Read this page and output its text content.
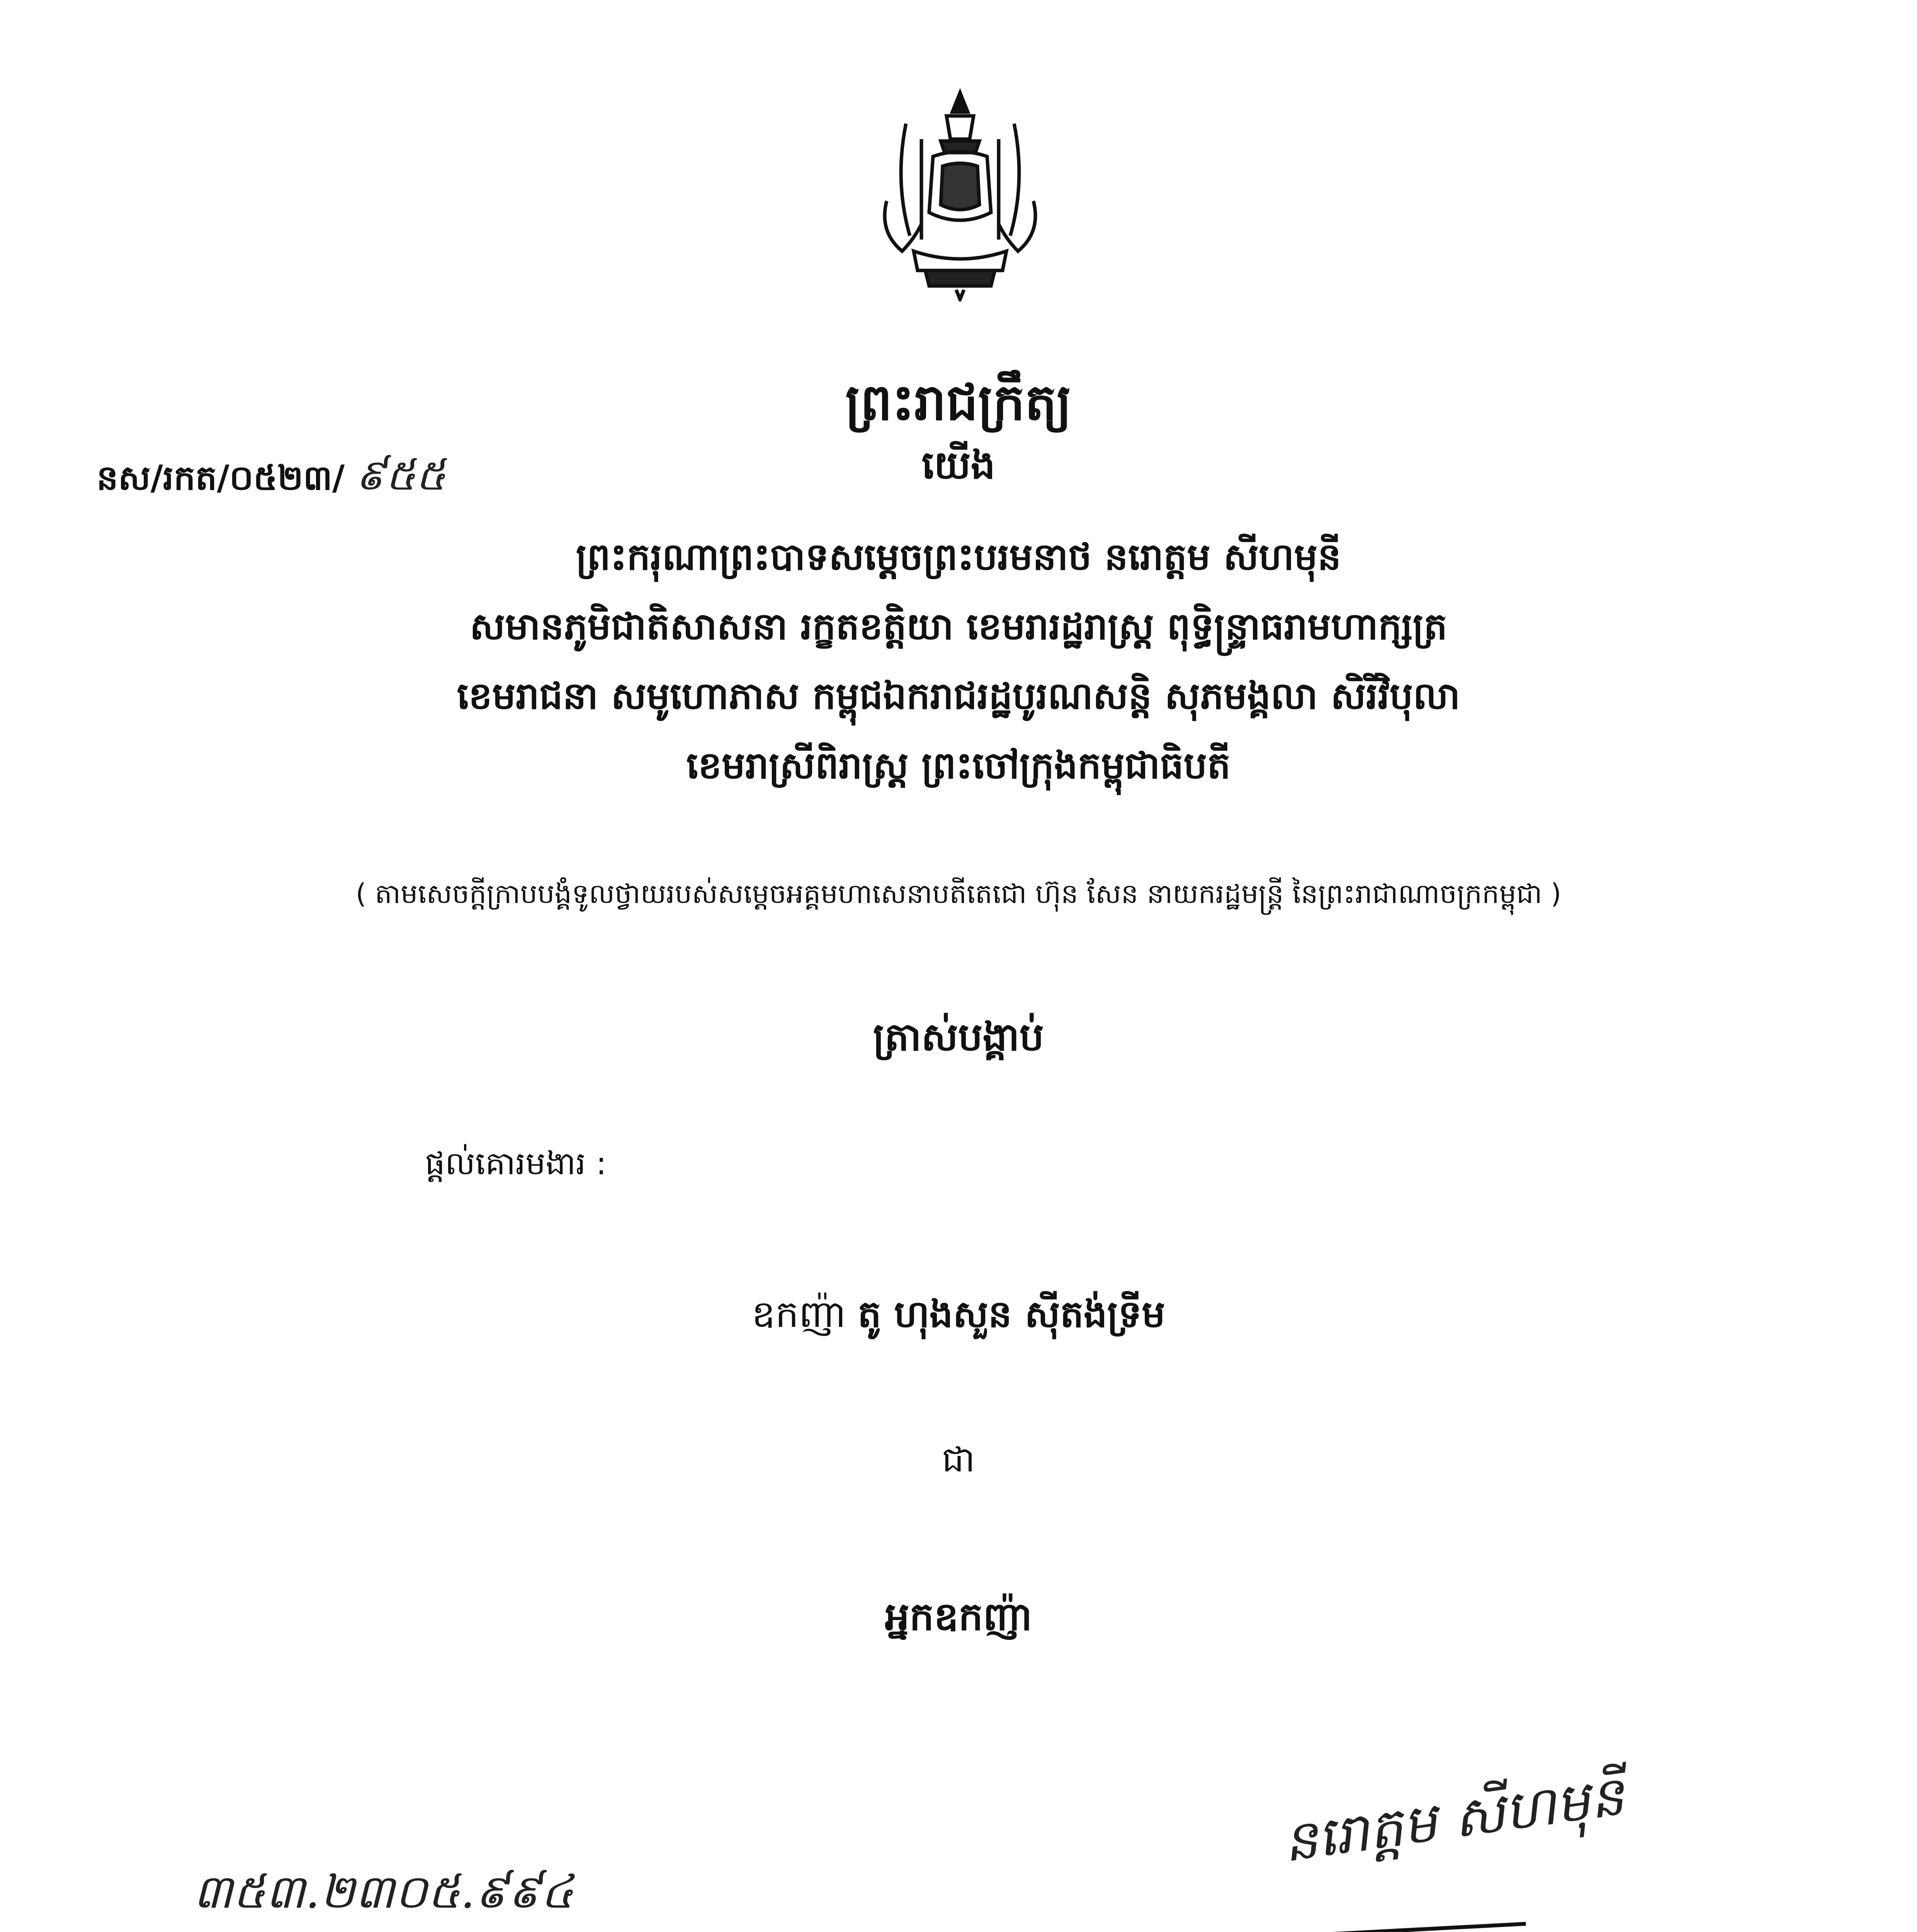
ព្រះរាជក្រឹត្យ
នស/រកត/០៥២៣/ ៩៥៥	យើង
ព្រះករុណាព្រះបាទសម្តេចព្រះបរមនាថ នរោត្តម សីហមុនី
សមានភូមិជាតិសាសនា រក្ខតខត្តិយា ខេមរារដ្ឋរាស្ត្រ ពុទ្ធិន្ទ្រាធរាមហាក្សត្រ
ខេមរាជនា សមូហោភាស កម្ពុជឯករាជរដ្ឋបូរណសន្តិ សុភមង្គលា សិរីវិបុលា
ខេមរាស្រីពិរាស្ត្រ ព្រះចៅក្រុងកម្ពុជាធិបតី
( តាមសេចក្តីក្រាបបង្គំទូលថ្វាយរបស់សម្តេចអគ្គមហាសេនាបតីតេជោ ហ៊ុន សែន នាយករដ្ឋមន្ត្រី នៃព្រះរាជាណាចក្រកម្ពុជា )
ត្រាស់បង្គាប់
ផ្តល់គោរមងារ :
ឧកញ៉ា តូ ហុងសួន ស៊ីតង់ទ្រីម
ជា
អ្នកឧកញ៉ា
៣៥៣.២៣០៥.៩៩៤
នរោត្តម សីហមុនី
